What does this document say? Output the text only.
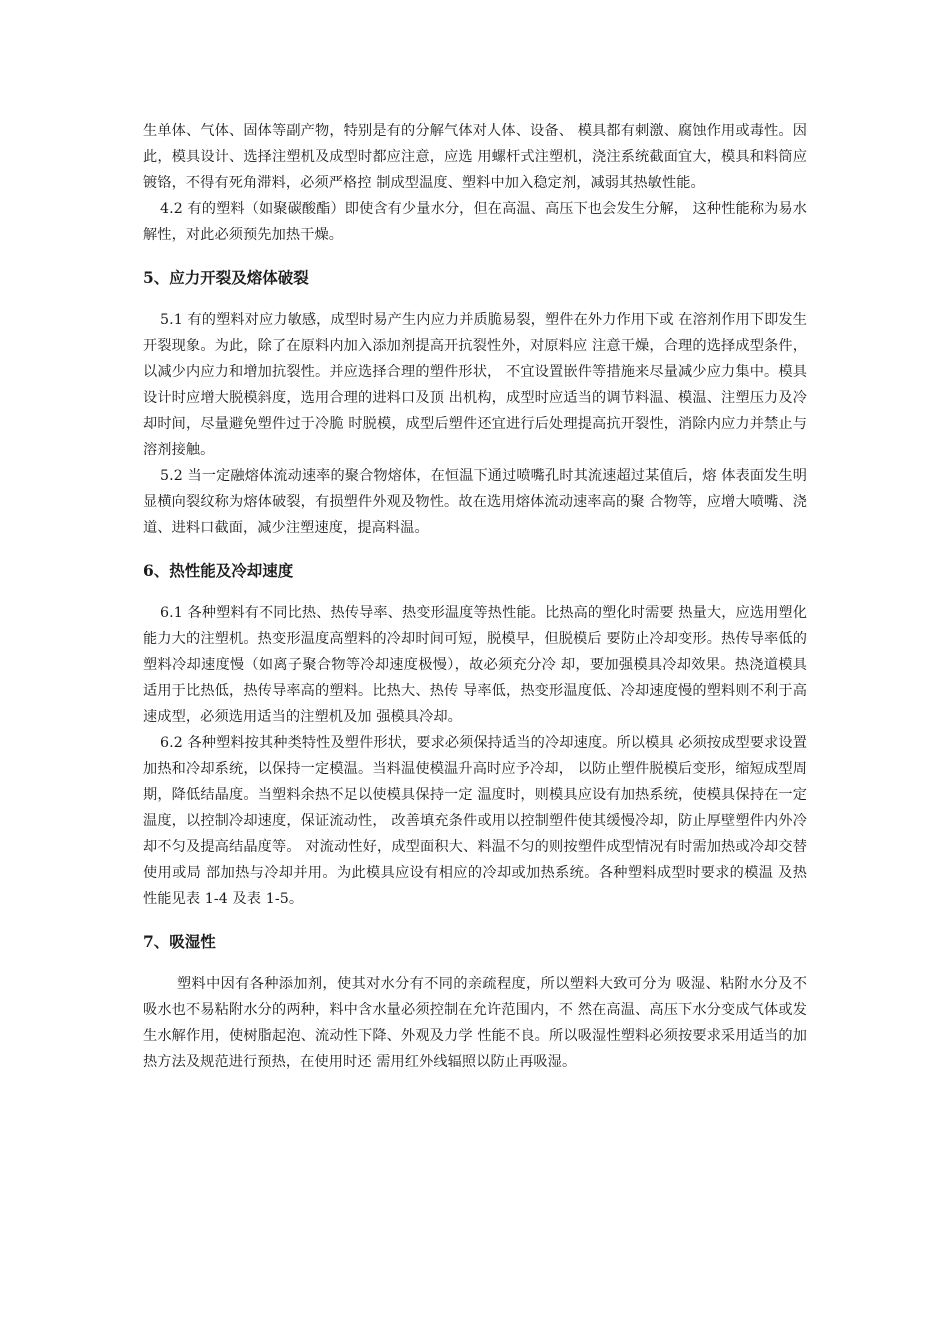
生单体、气体、固体等副产物，特别是有的分解气体对人体、设备、 模具都有刺激、腐蚀作用或毒性。因此，模具设计、选择注塑机及成型时都应注意，应选 用螺杆式注塑机，浇注系统截面宜大，模具和料筒应镀铬，不得有死角滞料，必须严格控 制成型温度、塑料中加入稳定剂，减弱其热敏性能。

4.2 有的塑料（如聚碳酸酯）即使含有少量水分，但在高温、高压下也会发生分解， 这种性能称为易水解性，对此必须预先加热干燥。

5、应力开裂及熔体破裂

5.1 有的塑料对应力敏感，成型时易产生内应力并质脆易裂，塑件在外力作用下或 在溶剂作用下即发生开裂现象。为此，除了在原料内加入添加剂提高开抗裂性外，对原料应 注意干燥，合理的选择成型条件，以减少内应力和增加抗裂性。并应选择合理的塑件形状， 不宜设置嵌件等措施来尽量减少应力集中。模具设计时应增大脱模斜度，选用合理的进料口及顶 出机构，成型时应适当的调节料温、模温、注塑压力及冷却时间，尽量避免塑件过于冷脆 时脱模，成型后塑件还宜进行后处理提高抗开裂性，消除内应力并禁止与溶剂接触。

5.2 当一定融熔体流动速率的聚合物熔体，在恒温下通过喷嘴孔时其流速超过某值后，熔 体表面发生明显横向裂纹称为熔体破裂，有损塑件外观及物性。故在选用熔体流动速率高的聚 合物等，应增大喷嘴、浇道、进料口截面，减少注塑速度，提高料温。

6、热性能及冷却速度

6.1 各种塑料有不同比热、热传导率、热变形温度等热性能。比热高的塑化时需要 热量大，应选用塑化能力大的注塑机。热变形温度高塑料的冷却时间可短，脱模早，但脱模后 要防止冷却变形。热传导率低的塑料冷却速度慢（如离子聚合物等冷却速度极慢），故必须充分冷 却，要加强模具冷却效果。热浇道模具适用于比热低，热传导率高的塑料。比热大、热传 导率低，热变形温度低、冷却速度慢的塑料则不利于高速成型，必须选用适当的注塑机及加 强模具冷却。

6.2 各种塑料按其种类特性及塑件形状，要求必须保持适当的冷却速度。所以模具 必须按成型要求设置加热和冷却系统，以保持一定模温。当料温使模温升高时应予冷却， 以防止塑件脱模后变形，缩短成型周期，降低结晶度。当塑料余热不足以使模具保持一定 温度时，则模具应设有加热系统，使模具保持在一定温度，以控制冷却速度，保证流动性， 改善填充条件或用以控制塑件使其缓慢冷却，防止厚壁塑件内外冷却不匀及提高结晶度等。 对流动性好，成型面积大、料温不匀的则按塑件成型情况有时需加热或冷却交替使用或局 部加热与冷却并用。为此模具应设有相应的冷却或加热系统。各种塑料成型时要求的模温 及热性能见表 1-4 及表 1-5。

7、吸湿性

塑料中因有各种添加剂，使其对水分有不同的亲疏程度，所以塑料大致可分为 吸湿、粘附水分及不吸水也不易粘附水分的两种，料中含水量必须控制在允许范围内，不 然在高温、高压下水分变成气体或发生水解作用，使树脂起泡、流动性下降、外观及力学 性能不良。所以吸湿性塑料必须按要求采用适当的加热方法及规范进行预热，在使用时还 需用红外线辐照以防止再吸湿。
